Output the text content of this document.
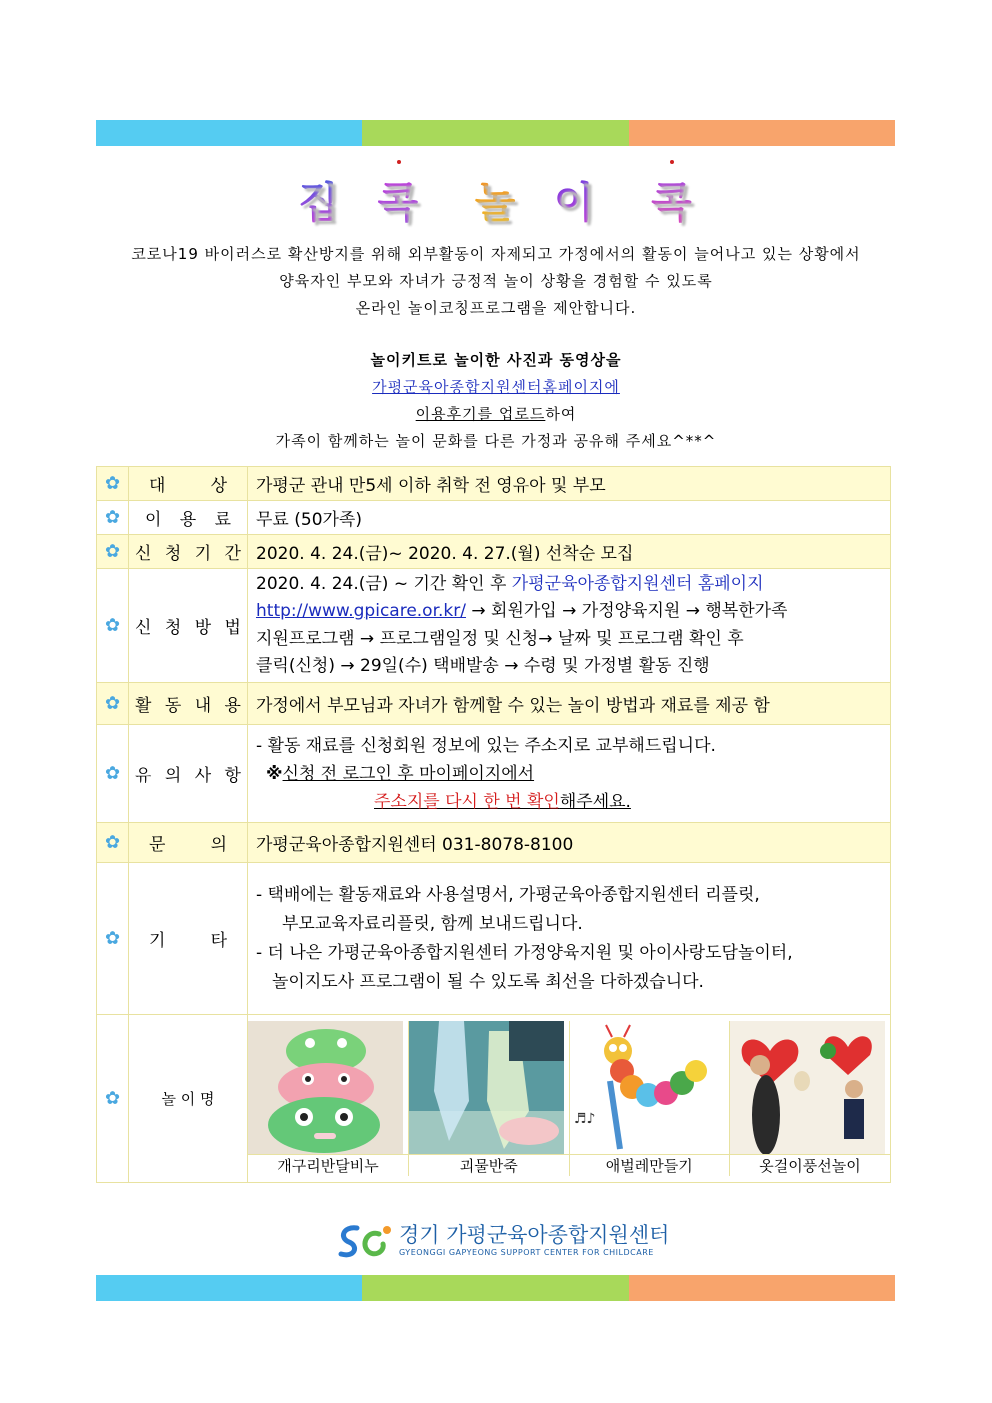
집 콕 놀 이 콕
코로나19 바이러스로 확산방지를 위해 외부활동이 자제되고 가정에서의 활동이 늘어나고 있는 상황에서
양육자인 부모와 자녀가 긍정적 놀이 상황을 경험할 수 있도록
온라인 놀이코칭프로그램을 제안합니다.
놀이키트로 놀이한 사진과 동영상을
가평군육아종합지원센터홈페이지에
이용후기를 업로드하여
가족이 함께하는 놀이 문화를 다른 가정과 공유해 주세요^**^
✿	대	상	가평군 관내 만5세 이하 취학 전 영유아 및 부모
✿	이 용 료	무료 (50가족)
✿	신 청 기 간	2020. 4. 24.(금)~ 2020. 4. 27.(월) 선착순 모집
✿	신 청 방 법

2020. 4. 24.(금) ~ 기간 확인 후 가평군육아종합지원센터 홈페이지
http://www.gpicare.or.kr/ → 회원가입 → 가정양육지원 → 행복한가족
지원프로그램 → 프로그램일정 및 신청→ 날짜 및 프로그램 확인 후
클릭(신청) → 29일(수) 택배발송 → 수령 및 가정별 활동 진행

✿	활 동 내 용	가정에서 부모님과 자녀가 함께할 수 있는 놀이 방법과 재료를 제공 함
✿	유 의 사 항

- 활동 재료를 신청회원 정보에 있는 주소지로 교부해드립니다.
※신청 전 로그인 후 마이페이지에서
주소지를 다시 한 번 확인해주세요.

✿	문	의	가평군육아종합지원센터 031-8078-8100
✿	기	타

- 택배에는 활동재료와 사용설명서, 가평군육아종합지원센터 리플릿,
부모교육자료리플릿, 함께 보내드립니다.
- 더 나은 가평군육아종합지원센터 가정양육지원 및 아이사랑도담놀이터,
놀이지도사 프로그램이 될 수 있도록 최선을 다하겠습니다.

✿	놀 이 명	

♬♪

개구리반달비누	괴물반죽	애벌레만들기	옷걸이풍선놀이
경기 가평군육아종합지원센터
GYEONGGI GAPYEONG SUPPORT CENTER FOR CHILDCARE
